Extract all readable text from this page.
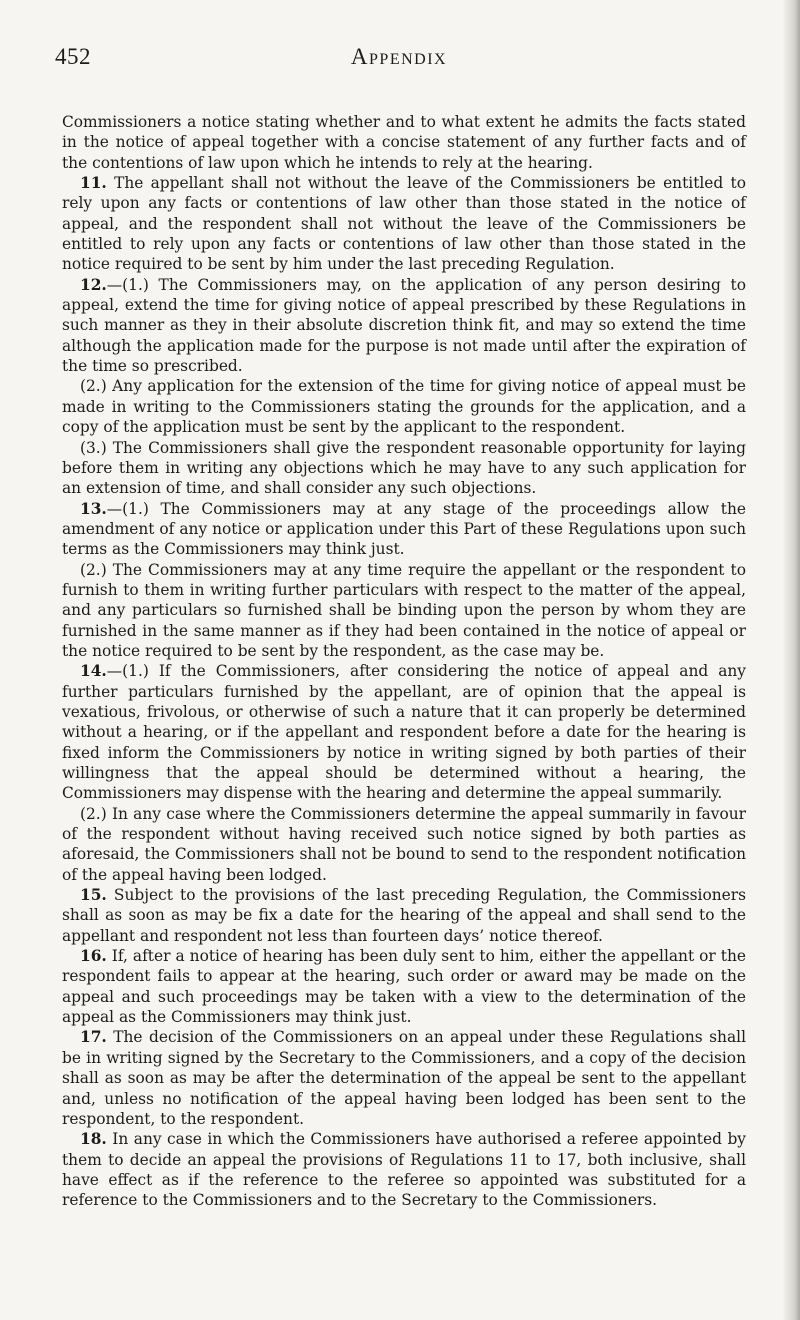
452	Appendix

Commissioners a notice stating whether and to what extent he admits the facts stated in the notice of appeal together with a concise statement of any further facts and of the contentions of law upon which he intends to rely at the hearing.

11. The appellant shall not without the leave of the Commissioners be entitled to rely upon any facts or contentions of law other than those stated in the notice of appeal, and the respondent shall not without the leave of the Commissioners be entitled to rely upon any facts or contentions of law other than those stated in the notice required to be sent by him under the last preceding Regulation.

12.—(1.) The Commissioners may, on the application of any person desiring to appeal, extend the time for giving notice of appeal prescribed by these Regulations in such manner as they in their absolute discretion think fit, and may so extend the time although the application made for the purpose is not made until after the expiration of the time so prescribed.

(2.) Any application for the extension of the time for giving notice of appeal must be made in writing to the Commissioners stating the grounds for the application, and a copy of the application must be sent by the applicant to the respondent.

(3.) The Commissioners shall give the respondent reasonable opportunity for laying before them in writing any objections which he may have to any such application for an extension of time, and shall consider any such objections.

13.—(1.) The Commissioners may at any stage of the proceedings allow the amendment of any notice or application under this Part of these Regulations upon such terms as the Commissioners may think just.

(2.) The Commissioners may at any time require the appellant or the respondent to furnish to them in writing further particulars with respect to the matter of the appeal, and any particulars so furnished shall be binding upon the person by whom they are furnished in the same manner as if they had been contained in the notice of appeal or the notice required to be sent by the respondent, as the case may be.

14.—(1.) If the Commissioners, after considering the notice of appeal and any further particulars furnished by the appellant, are of opinion that the appeal is vexatious, frivolous, or otherwise of such a nature that it can properly be determined without a hearing, or if the appellant and respondent before a date for the hearing is fixed inform the Commissioners by notice in writing signed by both parties of their willingness that the appeal should be determined without a hearing, the Commissioners may dispense with the hearing and determine the appeal summarily.

(2.) In any case where the Commissioners determine the appeal summarily in favour of the respondent without having received such notice signed by both parties as aforesaid, the Commissioners shall not be bound to send to the respondent notification of the appeal having been lodged.

15. Subject to the provisions of the last preceding Regulation, the Commissioners shall as soon as may be fix a date for the hearing of the appeal and shall send to the appellant and respondent not less than fourteen days’ notice thereof.

16. If, after a notice of hearing has been duly sent to him, either the appellant or the respondent fails to appear at the hearing, such order or award may be made on the appeal and such proceedings may be taken with a view to the determination of the appeal as the Commissioners may think just.

17. The decision of the Commissioners on an appeal under these Regulations shall be in writing signed by the Secretary to the Commissioners, and a copy of the decision shall as soon as may be after the determination of the appeal be sent to the appellant and, unless no notification of the appeal having been lodged has been sent to the respondent, to the respondent.

18. In any case in which the Commissioners have authorised a referee appointed by them to decide an appeal the provisions of Regulations 11 to 17, both inclusive, shall have effect as if the reference to the referee so appointed was substituted for a reference to the Commissioners and to the Secretary to the Commissioners.
